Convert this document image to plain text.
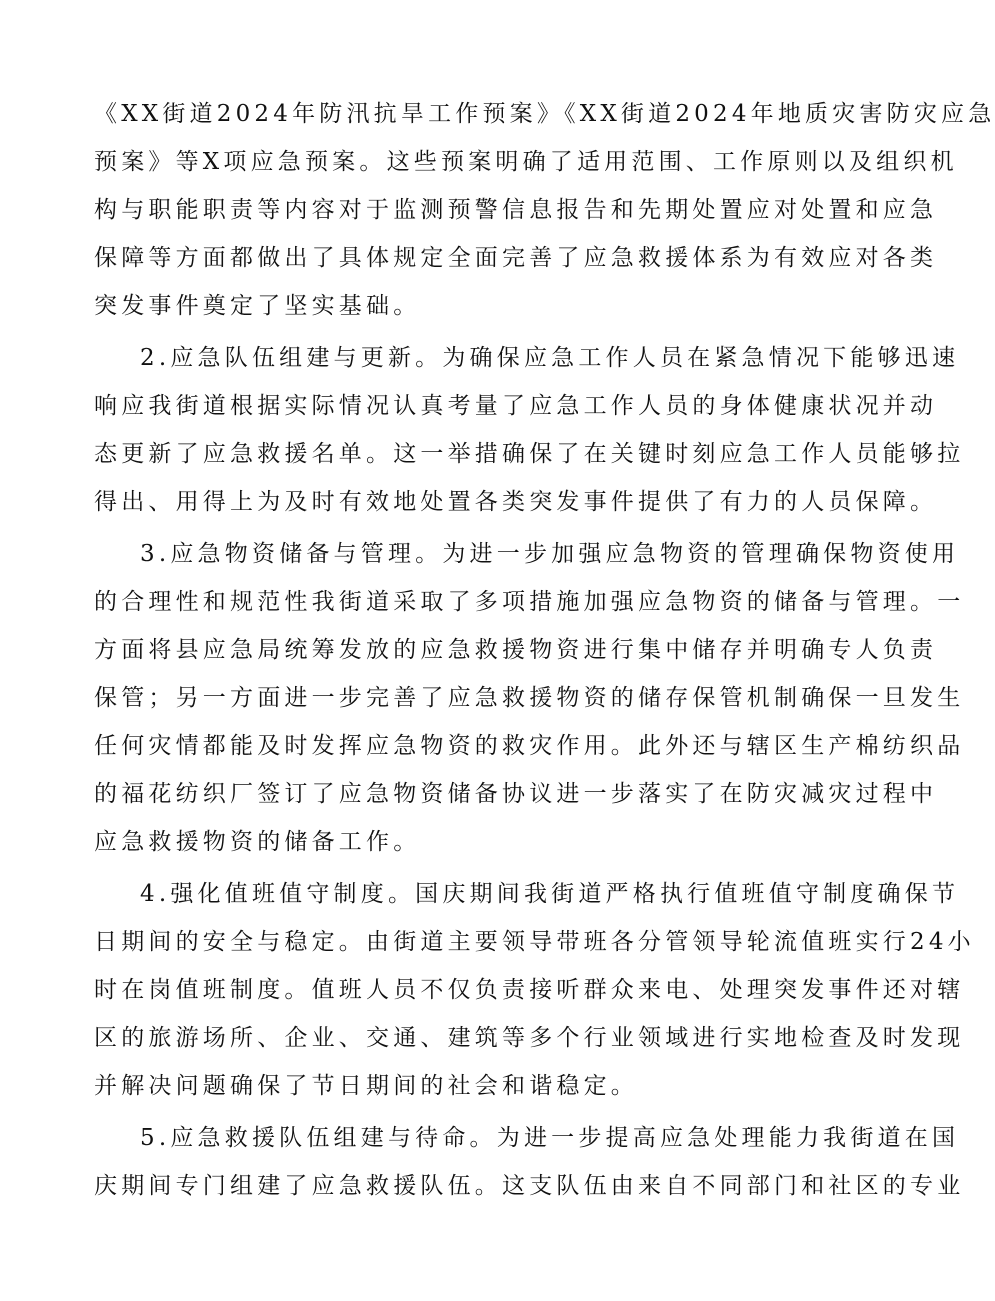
《XX街道2024年防汛抗旱工作预案》《XX街道2024年地质灾害防灾应急
预案》等X项应急预案。这些预案明确了适用范围、工作原则以及组织机
构与职能职责等内容对于监测预警信息报告和先期处置应对处置和应急
保障等方面都做出了具体规定全面完善了应急救援体系为有效应对各类
突发事件奠定了坚实基础。
2.应急队伍组建与更新。为确保应急工作人员在紧急情况下能够迅速
响应我街道根据实际情况认真考量了应急工作人员的身体健康状况并动
态更新了应急救援名单。这一举措确保了在关键时刻应急工作人员能够拉
得出、用得上为及时有效地处置各类突发事件提供了有力的人员保障。
3.应急物资储备与管理。为进一步加强应急物资的管理确保物资使用
的合理性和规范性我街道采取了多项措施加强应急物资的储备与管理。一
方面将县应急局统筹发放的应急救援物资进行集中储存并明确专人负责
保管；另一方面进一步完善了应急救援物资的储存保管机制确保一旦发生
任何灾情都能及时发挥应急物资的救灾作用。此外还与辖区生产棉纺织品
的福花纺织厂签订了应急物资储备协议进一步落实了在防灾减灾过程中
应急救援物资的储备工作。
4.强化值班值守制度。国庆期间我街道严格执行值班值守制度确保节
日期间的安全与稳定。由街道主要领导带班各分管领导轮流值班实行24小
时在岗值班制度。值班人员不仅负责接听群众来电、处理突发事件还对辖
区的旅游场所、企业、交通、建筑等多个行业领域进行实地检查及时发现
并解决问题确保了节日期间的社会和谐稳定。
5.应急救援队伍组建与待命。为进一步提高应急处理能力我街道在国
庆期间专门组建了应急救援队伍。这支队伍由来自不同部门和社区的专业
